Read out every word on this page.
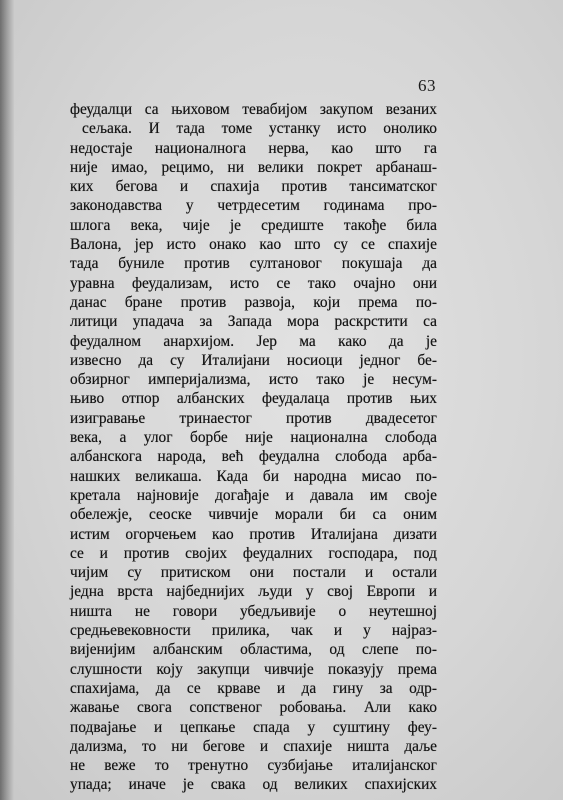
63
феудалци са њиховом тевабијом закупом везаних
сељака. И тада томе устанку исто онолико
недостаје националнога нерва, као што га
није имао, рецимо, ни велики покрет арбанаш-
ких бегова и спахија против тансиматског
законодавства у четрдесетим годинама про-
шлога века, чије је средиште такође била
Валона, јер исто онако као што су се спахије
тада буниле против султановог покушаја да
уравна феудализам, исто се тако очајно они
данас бране против развоја, који према по-
литици упадача за Запада мора раскрстити са
феудалном анархијом. Јер ма како да је
извесно да су Италијани носиоци једног бе-
обзирног империјализма, исто тако је несум-
њиво отпор албанских феудалаца против њих
изигравање тринаестог против двадесетог
века, а улог борбе није национална слобода
албанскога народа, већ феудална слобода арба-
нашких великаша. Када би народна мисао по-
кретала најновије догађаје и давала им своје
обележје, сеоске чивчије морали би са оним
истим огорчењем као против Италијана дизати
се и против својих феудалних господара, под
чијим су притиском они постали и остали
једна врста најбеднијих људи у свој Европи и
ништа не говори убедљивије о неутешној
средњевековности прилика, чак и у најраз-
вијенијим албанским областима, од слепе по-
слушности коју закупци чивчије показују према
спахијама, да се крваве и да гину за одр-
жавање свога сопственог робовања. Али како
подвајање и цепкање спада у суштину феу-
дализма, то ни бегове и спахије ништа даље
не веже то тренутно сузбијање италијанског
упада; иначе је свака од великих спахијских
